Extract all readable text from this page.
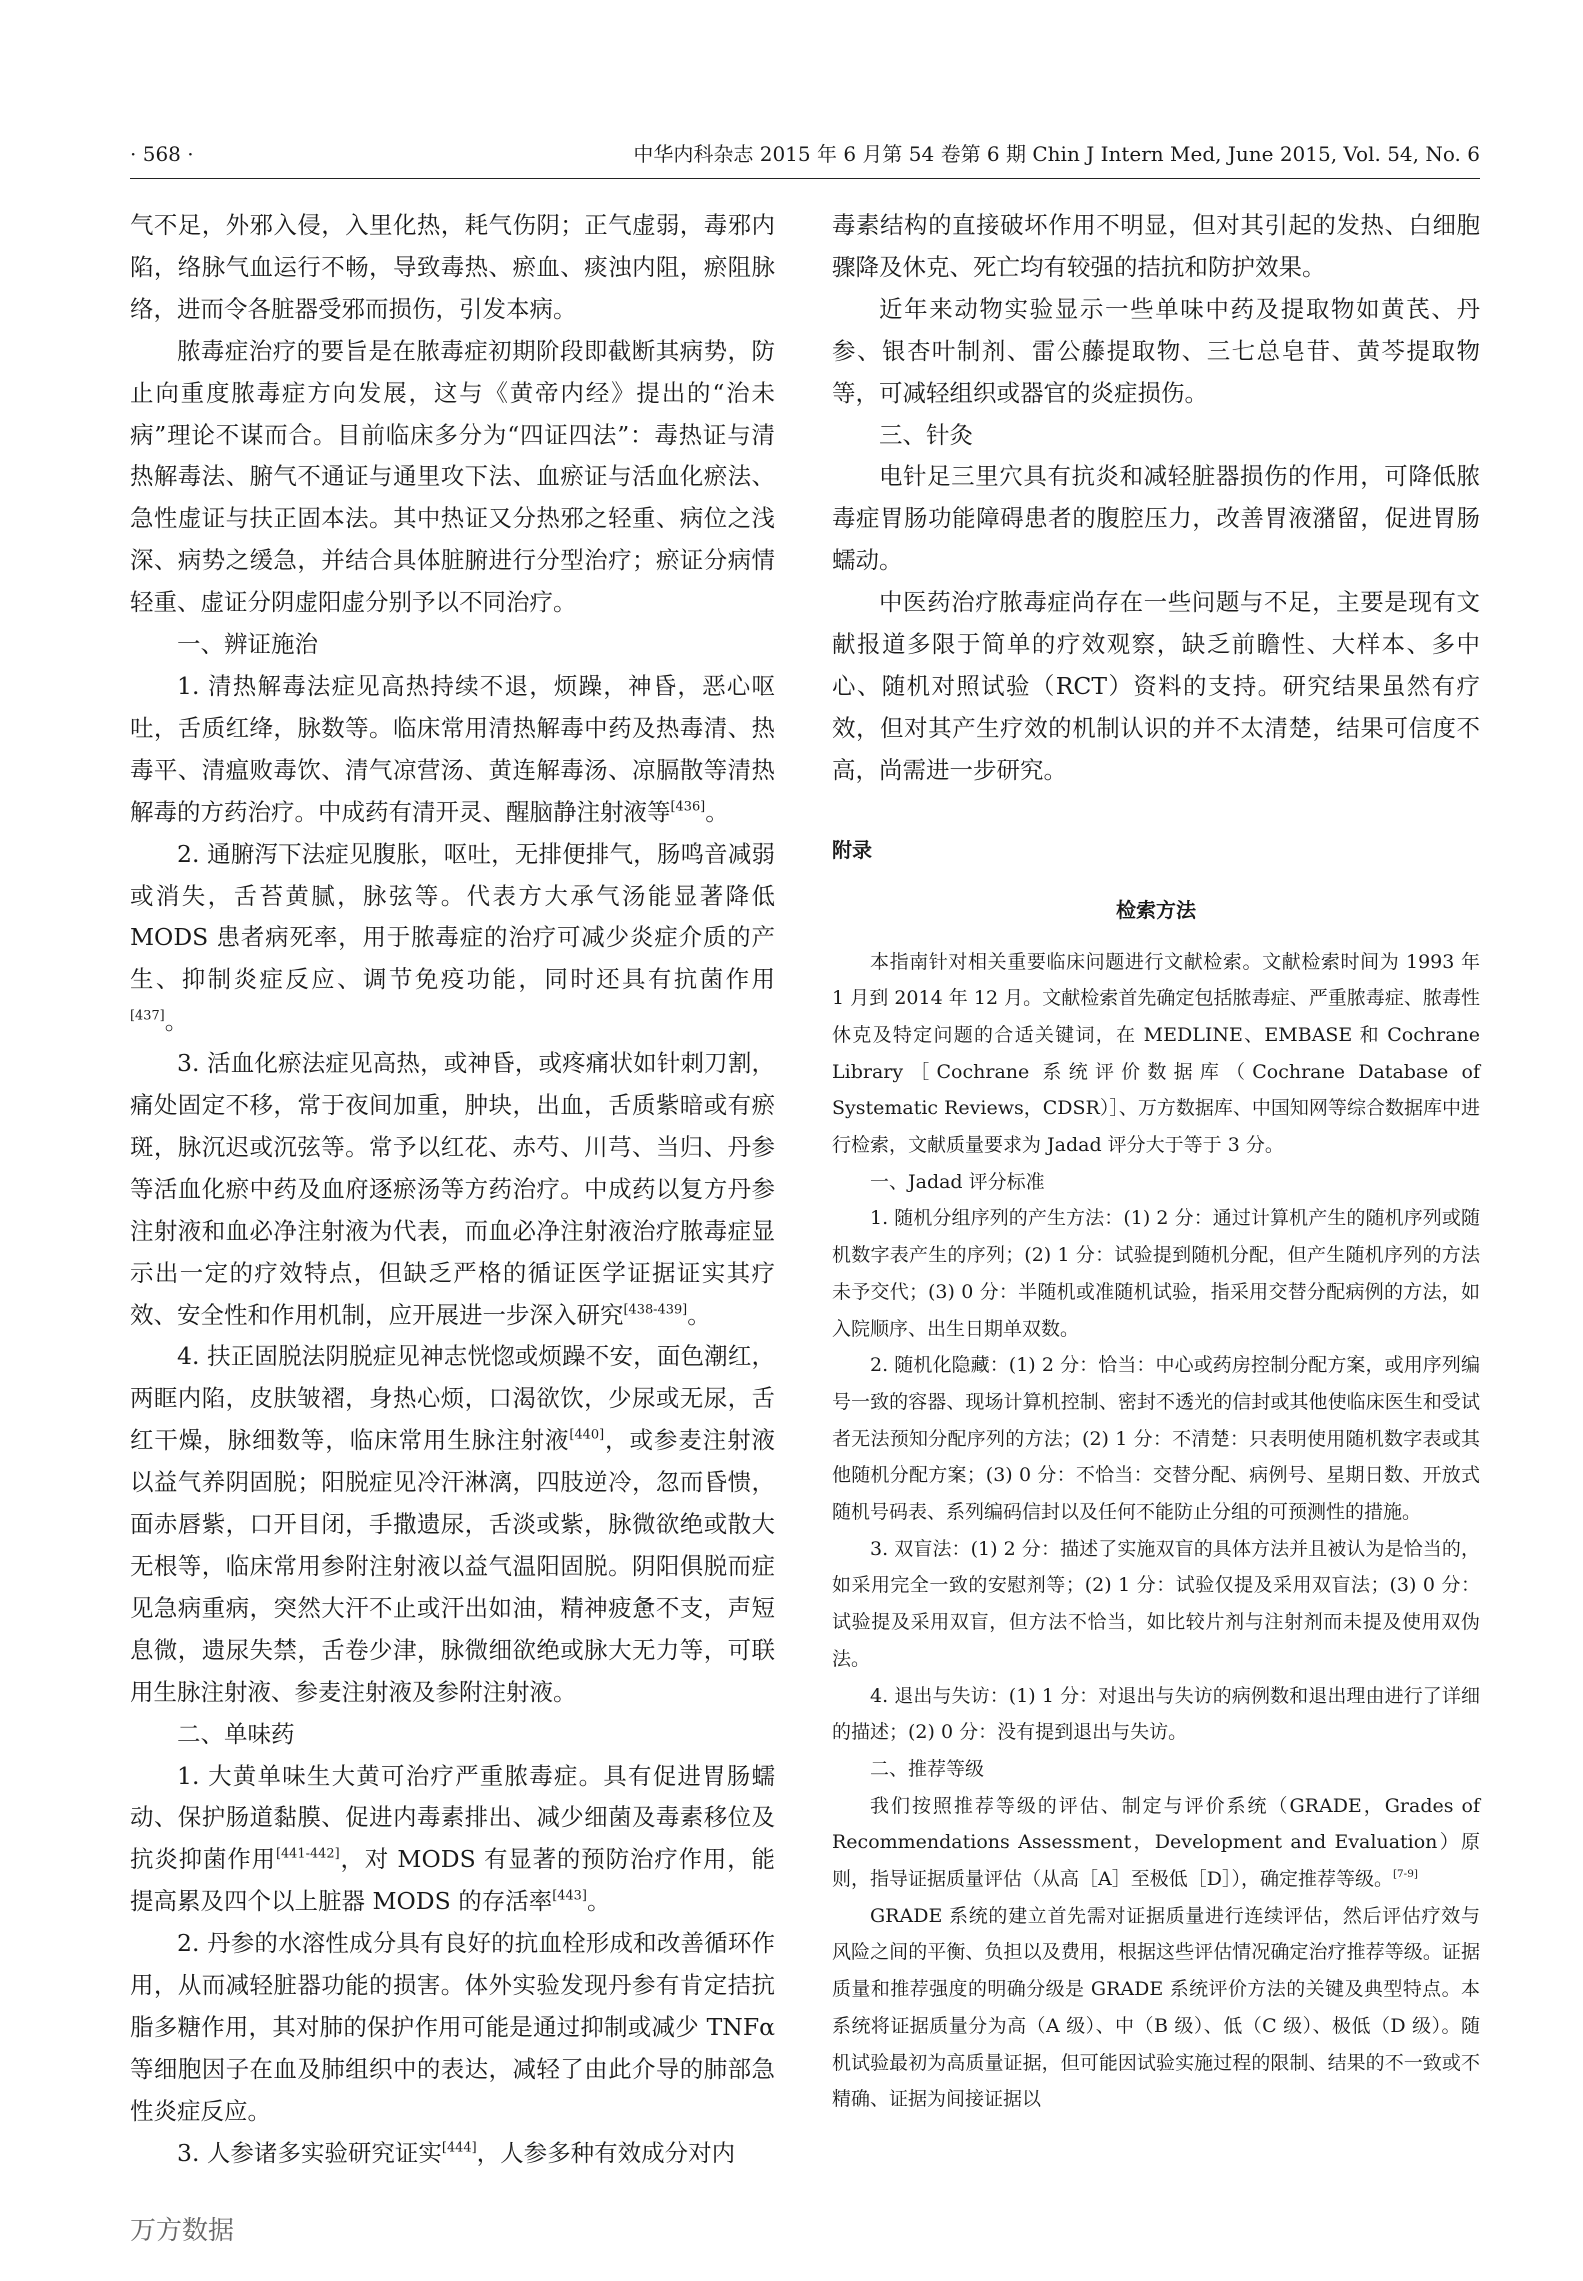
· 568 ·	中华内科杂志 2015 年 6 月第 54 卷第 6 期 Chin J Intern Med, June 2015, Vol. 54, No. 6

气不足，外邪入侵，入里化热，耗气伤阴；正气虚弱，毒邪内陷，络脉气血运行不畅，导致毒热、瘀血、痰浊内阻，瘀阻脉络，进而令各脏器受邪而损伤，引发本病。

脓毒症治疗的要旨是在脓毒症初期阶段即截断其病势，防止向重度脓毒症方向发展，这与《黄帝内经》提出的“治未病”理论不谋而合。目前临床多分为“四证四法”：毒热证与清热解毒法、腑气不通证与通里攻下法、血瘀证与活血化瘀法、急性虚证与扶正固本法。其中热证又分热邪之轻重、病位之浅深、病势之缓急，并结合具体脏腑进行分型治疗；瘀证分病情轻重、虚证分阴虚阳虚分别予以不同治疗。

一、辨证施治

1. 清热解毒法症见高热持续不退，烦躁，神昏，恶心呕吐，舌质红绛，脉数等。临床常用清热解毒中药及热毒清、热毒平、清瘟败毒饮、清气凉营汤、黄连解毒汤、凉膈散等清热解毒的方药治疗。中成药有清开灵、醒脑静注射液等[436]。

2. 通腑泻下法症见腹胀，呕吐，无排便排气，肠鸣音减弱或消失，舌苔黄腻，脉弦等。代表方大承气汤能显著降低 MODS 患者病死率，用于脓毒症的治疗可减少炎症介质的产生、抑制炎症反应、调节免疫功能，同时还具有抗菌作用[437]。

3. 活血化瘀法症见高热，或神昏，或疼痛状如针刺刀割，痛处固定不移，常于夜间加重，肿块，出血，舌质紫暗或有瘀斑，脉沉迟或沉弦等。常予以红花、赤芍、川芎、当归、丹参等活血化瘀中药及血府逐瘀汤等方药治疗。中成药以复方丹参注射液和血必净注射液为代表，而血必净注射液治疗脓毒症显示出一定的疗效特点，但缺乏严格的循证医学证据证实其疗效、安全性和作用机制，应开展进一步深入研究[438-439]。

4. 扶正固脱法阴脱症见神志恍惚或烦躁不安，面色潮红，两眶内陷，皮肤皱褶，身热心烦，口渴欲饮，少尿或无尿，舌红干燥，脉细数等，临床常用生脉注射液[440]，或参麦注射液以益气养阴固脱；阳脱症见冷汗淋漓，四肢逆冷，忽而昏愦，面赤唇紫，口开目闭，手撒遗尿，舌淡或紫，脉微欲绝或散大无根等，临床常用参附注射液以益气温阳固脱。阴阳俱脱而症见急病重病，突然大汗不止或汗出如油，精神疲惫不支，声短息微，遗尿失禁，舌卷少津，脉微细欲绝或脉大无力等，可联用生脉注射液、参麦注射液及参附注射液。

二、单味药

1. 大黄单味生大黄可治疗严重脓毒症。具有促进胃肠蠕动、保护肠道黏膜、促进内毒素排出、减少细菌及毒素移位及抗炎抑菌作用[441-442]，对 MODS 有显著的预防治疗作用，能提高累及四个以上脏器 MODS 的存活率[443]。

2. 丹参的水溶性成分具有良好的抗血栓形成和改善循环作用，从而减轻脏器功能的损害。体外实验发现丹参有肯定拮抗脂多糖作用，其对肺的保护作用可能是通过抑制或减少 TNFα 等细胞因子在血及肺组织中的表达，减轻了由此介导的肺部急性炎症反应。

3. 人参诸多实验研究证实[444]，人参多种有效成分对内

毒素结构的直接破坏作用不明显，但对其引起的发热、白细胞骤降及休克、死亡均有较强的拮抗和防护效果。

近年来动物实验显示一些单味中药及提取物如黄芪、丹参、银杏叶制剂、雷公藤提取物、三七总皂苷、黄芩提取物等，可减轻组织或器官的炎症损伤。

三、针灸

电针足三里穴具有抗炎和减轻脏器损伤的作用，可降低脓毒症胃肠功能障碍患者的腹腔压力，改善胃液潴留，促进胃肠蠕动。

中医药治疗脓毒症尚存在一些问题与不足，主要是现有文献报道多限于简单的疗效观察，缺乏前瞻性、大样本、多中心、随机对照试验（RCT）资料的支持。研究结果虽然有疗效，但对其产生疗效的机制认识的并不太清楚，结果可信度不高，尚需进一步研究。

附录

检索方法

本指南针对相关重要临床问题进行文献检索。文献检索时间为 1993 年 1 月到 2014 年 12 月。文献检索首先确定包括脓毒症、严重脓毒症、脓毒性休克及特定问题的合适关键词，在 MEDLINE、EMBASE 和 Cochrane Library［Cochrane 系统评价数据库（Cochrane Database of Systematic Reviews，CDSR）］、万方数据库、中国知网等综合数据库中进行检索，文献质量要求为 Jadad 评分大于等于 3 分。

一、Jadad 评分标准

1. 随机分组序列的产生方法：(1) 2 分：通过计算机产生的随机序列或随机数字表产生的序列；(2) 1 分：试验提到随机分配，但产生随机序列的方法未予交代；(3) 0 分：半随机或准随机试验，指采用交替分配病例的方法，如入院顺序、出生日期单双数。

2. 随机化隐藏：(1) 2 分：恰当：中心或药房控制分配方案，或用序列编号一致的容器、现场计算机控制、密封不透光的信封或其他使临床医生和受试者无法预知分配序列的方法；(2) 1 分：不清楚：只表明使用随机数字表或其他随机分配方案；(3) 0 分：不恰当：交替分配、病例号、星期日数、开放式随机号码表、系列编码信封以及任何不能防止分组的可预测性的措施。

3. 双盲法：(1) 2 分：描述了实施双盲的具体方法并且被认为是恰当的，如采用完全一致的安慰剂等；(2) 1 分：试验仅提及采用双盲法；(3) 0 分：试验提及采用双盲，但方法不恰当，如比较片剂与注射剂而未提及使用双伪法。

4. 退出与失访：(1) 1 分：对退出与失访的病例数和退出理由进行了详细的描述；(2) 0 分：没有提到退出与失访。

二、推荐等级

我们按照推荐等级的评估、制定与评价系统（GRADE，Grades of Recommendations Assessment，Development and Evaluation）原则，指导证据质量评估（从高［A］至极低［D］），确定推荐等级。[7-9]

GRADE 系统的建立首先需对证据质量进行连续评估，然后评估疗效与风险之间的平衡、负担以及费用，根据这些评估情况确定治疗推荐等级。证据质量和推荐强度的明确分级是 GRADE 系统评价方法的关键及典型特点。本系统将证据质量分为高（A 级）、中（B 级）、低（C 级）、极低（D 级）。随机试验最初为高质量证据，但可能因试验实施过程的限制、结果的不一致或不精确、证据为间接证据以

万方数据
